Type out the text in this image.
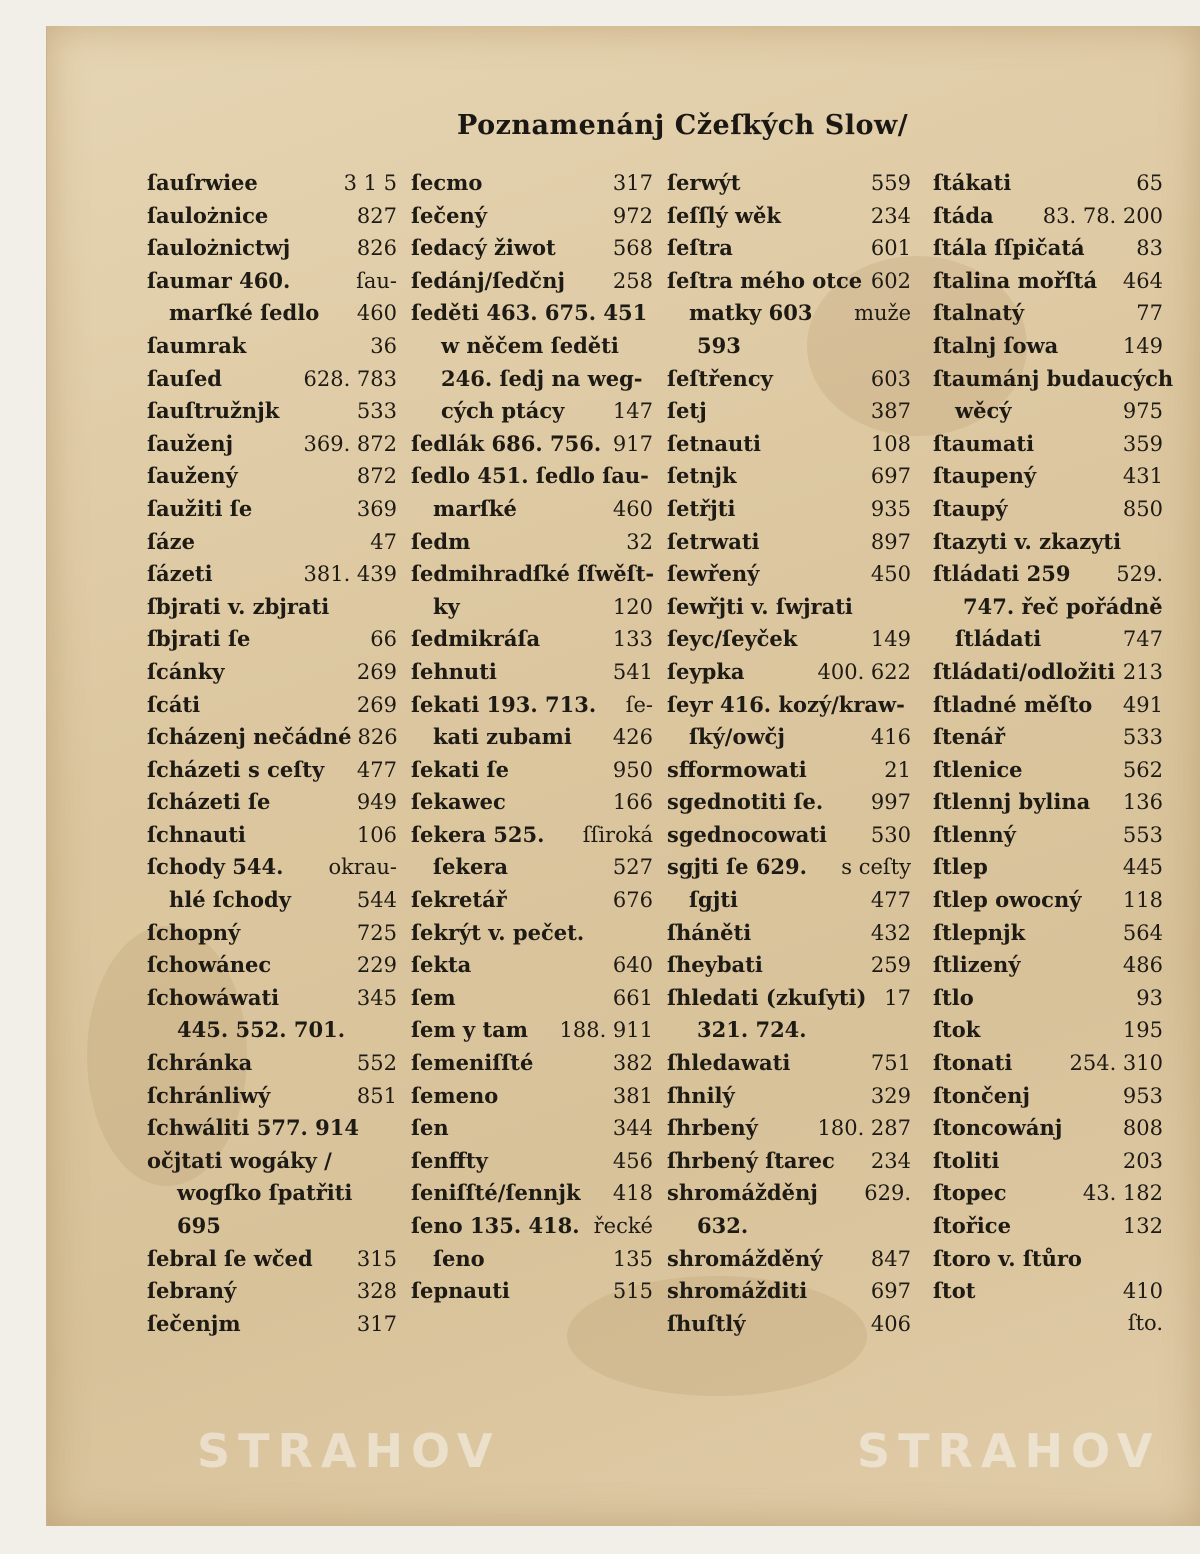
Poznamenánj Cžeſkých Slow/
ſauſrwiee	3 1 5
ſaulożnice	827
ſaulożnictwj	826
ſaumar 460.	ſau-
marſké ſedlo 460
ſaumrak	36
ſauſed	628. 783
ſauſtružnjk	533
ſauženj	369. 872
ſaužený	872
ſaužiti ſe	369
ſáze	47
ſázeti	381. 439
ſbjrati v. zbjrati
ſbjrati ſe	66
ſcánky	269
ſcáti	269
ſcházenj nečádné 826
ſcházeti s ceſty 477
ſcházeti ſe	949
ſchnauti	106
ſchody 544. okrau-
hlé ſchody	544
ſchopný	725
ſchowánec	229
ſchowáwati	345
445. 552. 701.
ſchránka	552
ſchránliwý	851
ſchwáliti 577. 914
očjtati wogáky /
wogſko ſpatřiti
695
ſebral ſe wčed 315
ſebraný	328
ſečenjm	317
ſecmo	317
ſečený	972
ſedacý žiwot	568
ſedánj/ſedčnj 258
ſeděti 463. 675. 451
w něčem ſeděti
246. ſedj na weg-
cých ptácy 147
ſedlák 686. 756. 917
ſedlo 451. ſedlo ſau-
marſké	460
ſedm	32
ſedmihradſké ſſwěſt-
ky	120
ſedmikráſa	133
ſehnuti	541
ſekati 193. 713. ſe-
kati zubami 426
ſekati ſe	950
ſekawec	166
ſekera 525. ſſiroká
ſekera	527
ſekretář	676
ſekrýt v. pečet.
ſekta	640
ſem	661
ſem y tam 188. 911
ſemeniſſté	382
ſemeno	381
ſen	344
ſenffty	456
ſeniſſté/ſennjk 418
ſeno 135. 418. řecké
ſeno	135
ſepnauti	515
ſerwýt	559
ſeſſlý wěk	234
ſeſtra	601
ſeſtra mého otce 602
matky 603 muže
593
ſeſtřency	603
ſetj	387
ſetnauti	108
ſetnjk	697
ſetřjti	935
ſetrwati	897
ſewřený	450
ſewřjti v. ſwjrati
ſeyc/ſeyček	149
ſeypka	400. 622
ſeyr 416. kozý/kraw-
ſký/owčj	416
sfformowati	21
sgednotiti ſe. 997
sgednocowati 530
sgjti ſe 629. s ceſty
ſgjti	477
ſháněti	432
ſheybati	259
ſhledati (zkuſyti) 17
321. 724.
ſhledawati	751
ſhnilý	329
ſhrbený	180. 287
ſhrbený ſtarec 234
shromážděnj 629.
632.
shromážděný 847
shromážditi	697
ſhuſtlý	406
ſtákati	65
ſtáda 83. 78. 200
ſtála ſſpičatá 83
ſtalina mořſtá 464
ſtalnatý	77
ſtalnj ſowa	149
ſtaumánj budaucých
wěcý	975
ſtaumati	359
ſtaupený	431
ſtaupý	850
ſtazyti v. zkazyti
ſtládati 259 529.
747. řeč pořádně
ſtládati	747
ſtládati/odložiti 213
ſtladné měſto 491
ſtenář	533
ſtlenice	562
ſtlennj bylina 136
ſtlenný	553
ſtlep	445
ſtlep owocný 118
ſtlepnjk	564
ſtlizený	486
ſtlo	93
ſtok	195
ſtonati	254. 310
ſtončenj	953
ſtoncowánj	808
ſtoliti	203
ſtopec	43. 182
ſtořice	132
ſtoro v. ſtůro
ſtot	410
ſto.
STRAHOV	STRAHOV
